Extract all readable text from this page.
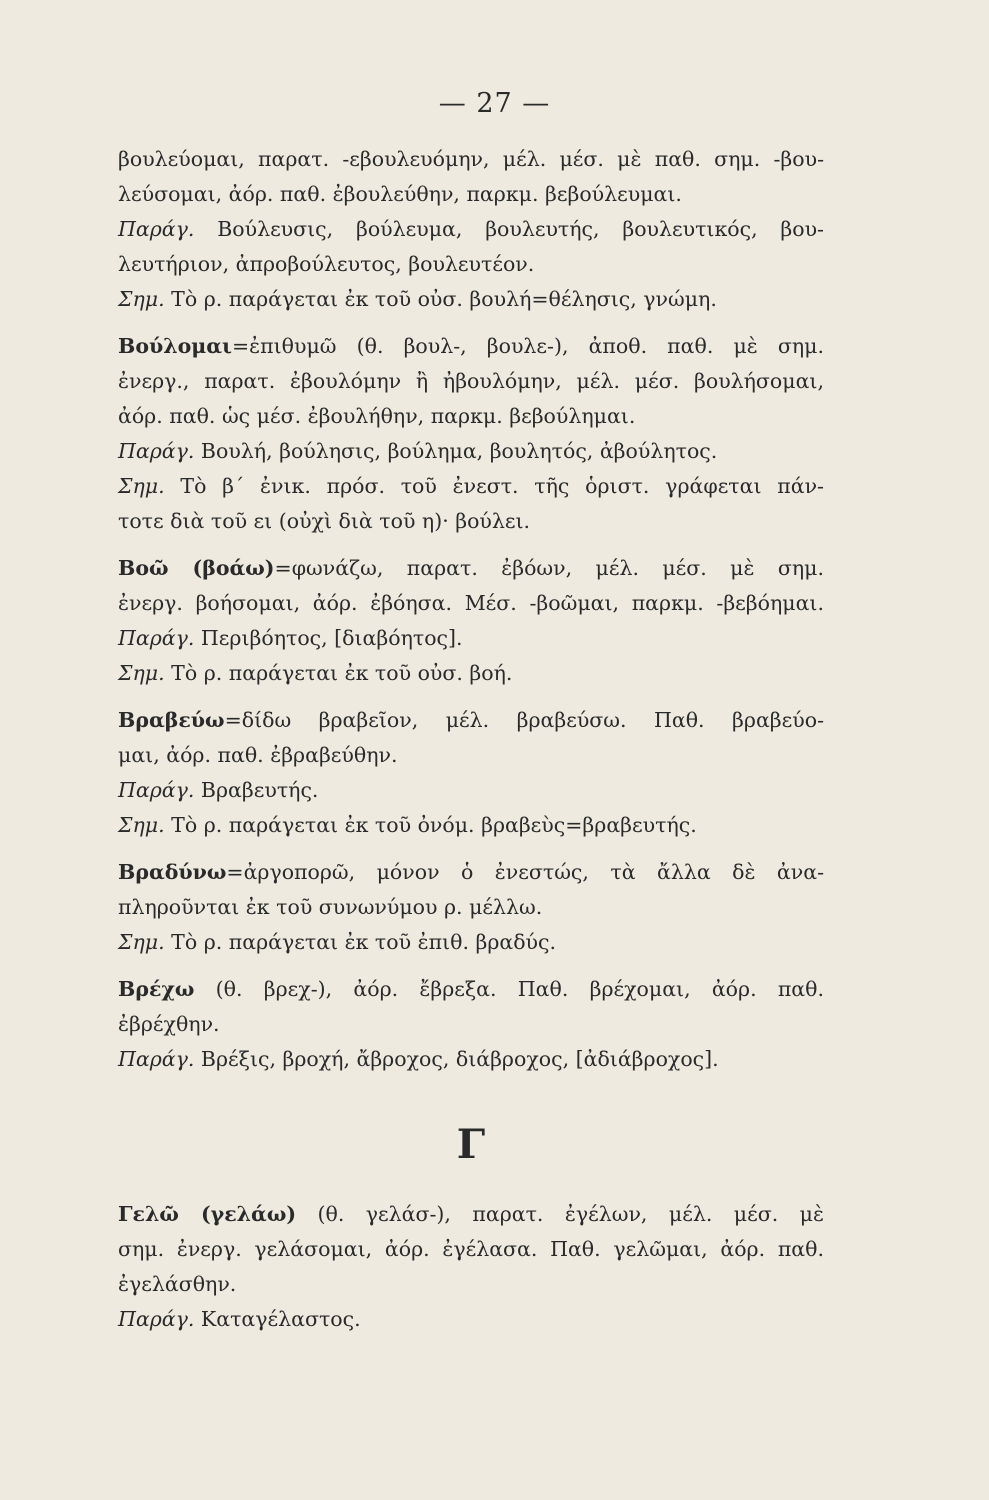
— 27 —
βουλεύομαι, παρατ. -εβουλευόμην, μέλ. μέσ. μὲ παθ. σημ. -βου-
λεύσομαι, ἀόρ. παθ. ἐβουλεύθην, παρκμ. βεβούλευμαι.
Παράγ. Βούλευσις, βούλευμα, βουλευτής, βουλευτικός, βου-
λευτήριον, ἀπροβούλευτος, βουλευτέον.
Σημ. Τὸ ρ. παράγεται ἐκ τοῦ οὐσ. βουλή=θέλησις, γνώμη.
Βούλομαι=ἐπιθυμῶ (θ. βουλ-, βουλε-), ἀποθ. παθ. μὲ σημ.
ἐνεργ., παρατ. ἐβουλόμην ἢ ἠβουλόμην, μέλ. μέσ. βουλήσομαι,
ἀόρ. παθ. ὡς μέσ. ἐβουλήθην, παρκμ. βεβούλημαι.
Παράγ. Βουλή, βούλησις, βούλημα, βουλητός, ἀβούλητος.
Σημ. Τὸ β΄ ἐνικ. πρόσ. τοῦ ἐνεστ. τῆς ὁριστ. γράφεται πάν-
τοτε διὰ τοῦ ει (οὐχὶ διὰ τοῦ η)· βούλει.
Βοῶ (βοάω)=φωνάζω, παρατ. ἐβόων, μέλ. μέσ. μὲ σημ.
ἐνεργ. βοήσομαι, ἀόρ. ἐβόησα. Μέσ. -βοῶμαι, παρκμ. -βεβόημαι.
Παράγ. Περιβόητος, [διαβόητος].
Σημ. Τὸ ρ. παράγεται ἐκ τοῦ οὐσ. βοή.
Βραβεύω=δίδω βραβεῖον, μέλ. βραβεύσω. Παθ. βραβεύο-
μαι, ἀόρ. παθ. ἐβραβεύθην.
Παράγ. Βραβευτής.
Σημ. Τὸ ρ. παράγεται ἐκ τοῦ ὀνόμ. βραβεὺς=βραβευτής.
Βραδύνω=ἀργοπορῶ, μόνον ὁ ἐνεστώς, τὰ ἄλλα δὲ ἀνα-
πληροῦνται ἐκ τοῦ συνωνύμου ρ. μέλλω.
Σημ. Τὸ ρ. παράγεται ἐκ τοῦ ἐπιθ. βραδύς.
Βρέχω (θ. βρεχ-), ἀόρ. ἔβρεξα. Παθ. βρέχομαι, ἀόρ. παθ.
ἐβρέχθην.
Παράγ. Βρέξις, βροχή, ἄβροχος, διάβροχος, [ἀδιάβροχος].
Γ
Γελῶ (γελάω) (θ. γελάσ-), παρατ. ἐγέλων, μέλ. μέσ. μὲ
σημ. ἐνεργ. γελάσομαι, ἀόρ. ἐγέλασα. Παθ. γελῶμαι, ἀόρ. παθ.
ἐγελάσθην.
Παράγ. Καταγέλαστος.
